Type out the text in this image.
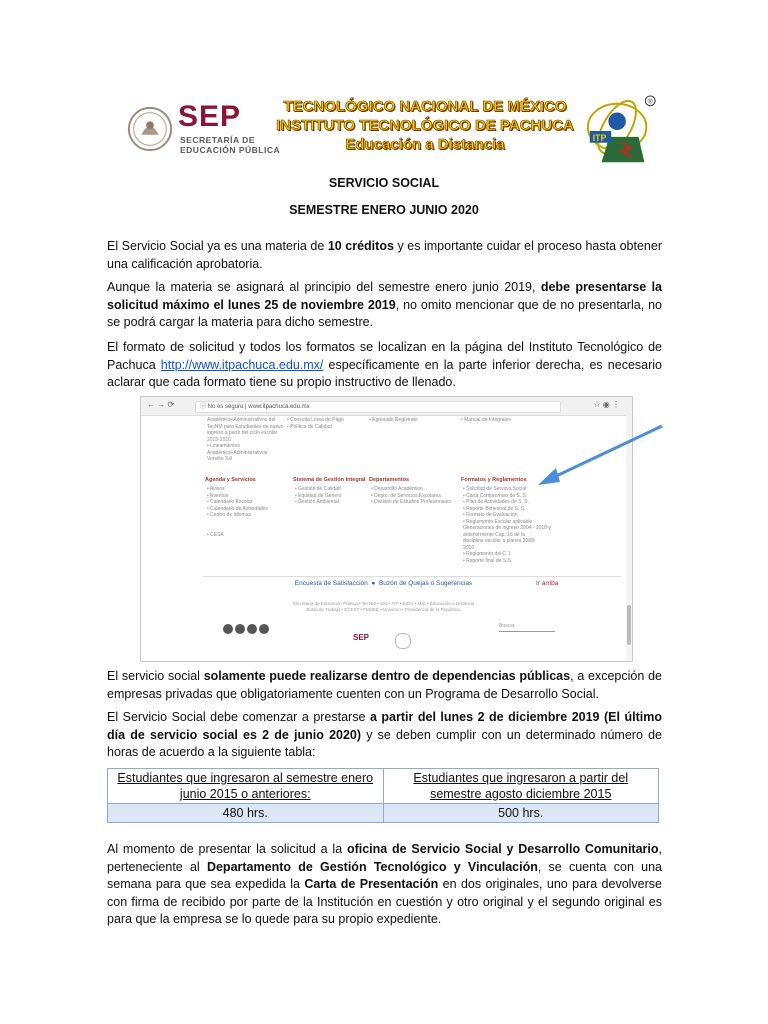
SEP
SECRETARÍA DE
EDUCACIÓN PÚBLICA
TECNOLÓGICO NACIONAL DE MÉXICO
INSTITUTO TECNOLÓGICO DE PACHUCA
Educación a Distancia	ITP
®
SERVICIO SOCIAL
SEMESTRE ENERO JUNIO 2020
El Servicio Social ya es una materia de 10 créditos y es importante cuidar el proceso hasta obtener una calificación aprobatoria.
Aunque la materia se asignará al principio del semestre enero junio 2019, debe presentarse la solicitud máximo el lunes 25 de noviembre 2019, no omito mencionar que de no presentarla, no se podrá cargar la materia para dicho semestre.
El formato de solicitud y todos los formatos se localizan en la página del Instituto Tecnológico de Pachuca http://www.itpachuca.edu.mx/ específicamente en la parte inferior derecha, es necesario aclarar que cada formato tiene su propio instructivo de llenado.
← → ⟳	ⓘ No es seguro | www.itpachuca.edu.mx	☆ ◉ ⋮
Académico-Administrativos del
TecNM para Estudiantes de nuevo
ingreso a partir del ciclo escolar
2015-2016
• Lineamientos
Académico-Administrativos
Versión 3.0
• Consulta Línea de Pago
• Política de Calidad
• Egresado Registrate	• Manual de Integrales
Agenda y Servicios	Sistema de Gestión Integral Departamentos	Formatos y Reglamentos
• Avisos
• Eventos
• Calendario Escolar
• Calendario de Actividades
• Centro de Idiomas

• CESA
• Gestión de Calidad
• Equidad de Género
• Gestión Ambiental
• Desarrollo Académico
• Depto. de Servicios Escolares
• División de Estudios Profesionales
• Solicitud de Servicio Social
• Carta Compromiso de S. S.
• Plan de Actividades de S. S.
• Reporte Bimestral de S. S.
• Formato de Evaluación
• Reglamento Escolar aplicable
Generaciones de ingreso 2004 - 2010 y
anteriormente Cap. 16 de la
disciplina escolar a planes 2009-
2010
• Reglamento del C. I.
• Reporte final de S.S.
Encuesta de Satisfacción  ●  Buzón de Quejas o Sugerencias	Ir arriba
Secretaría de Educación Pública • TecNM • SICA ITP • SIGC • MiG • Educación a Distancia
Bolsa de Trabajo • ECEST • FMUEE • Universo • Presidencia de la República
Buscar
SEP
El servicio social solamente puede realizarse dentro de dependencias públicas, a excepción de empresas privadas que obligatoriamente cuenten con un Programa de Desarrollo Social.
El Servicio Social debe comenzar a prestarse a partir del lunes 2 de diciembre 2019 (El último día de servicio social es 2 de junio 2020) y se deben cumplir con un determinado número de horas de acuerdo a la siguiente tabla:
Estudiantes que ingresaron al semestre enero junio 2015 o anteriores:	Estudiantes que ingresaron a partir del semestre agosto diciembre 2015
480 hrs.	500 hrs.
Al momento de presentar la solicitud a la oficina de Servicio Social y Desarrollo Comunitario, perteneciente al Departamento de Gestión Tecnológico y Vinculación, se cuenta con una semana para que sea expedida la Carta de Presentación en dos originales, uno para devolverse con firma de recibido por parte de la Institución en cuestión y otro original y el segundo original es para que la empresa se lo quede para su propio expediente.
